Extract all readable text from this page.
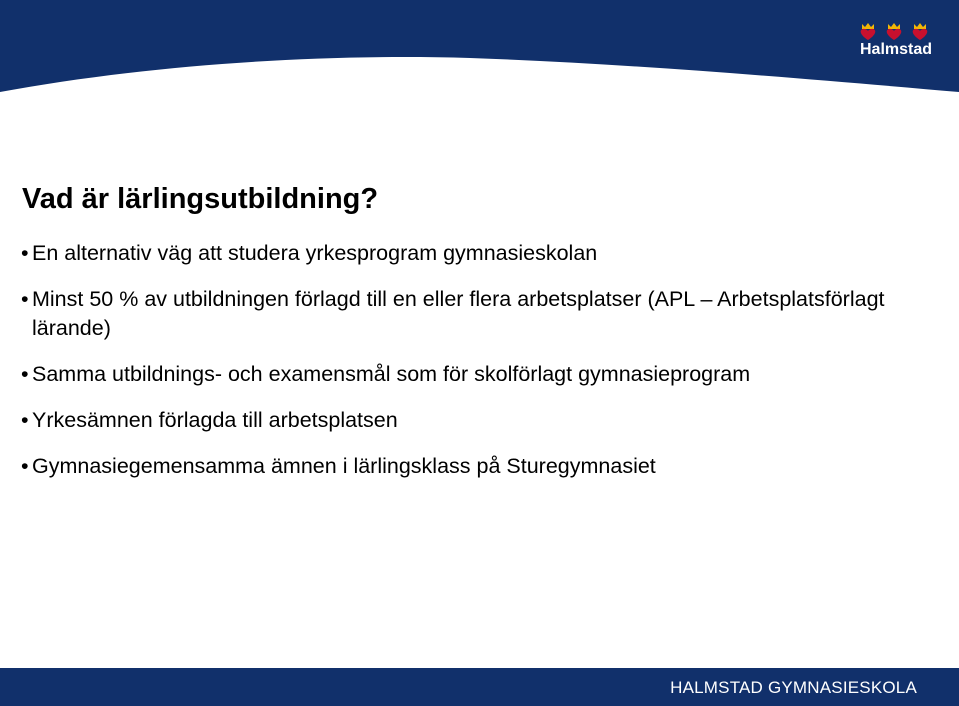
Halmstad
Vad är lärlingsutbildning?
• En alternativ väg att studera yrkesprogram gymnasieskolan
• Minst 50 % av utbildningen förlagd till en eller flera arbetsplatser (APL – Arbetsplatsförlagt lärande)
• Samma utbildnings- och examensmål som för skolförlagt gymnasieprogram
• Yrkesämnen förlagda till arbetsplatsen
• Gymnasiegemensamma ämnen i lärlingsklass på Sturegymnasiet
HALMSTAD GYMNASIESKOLA
